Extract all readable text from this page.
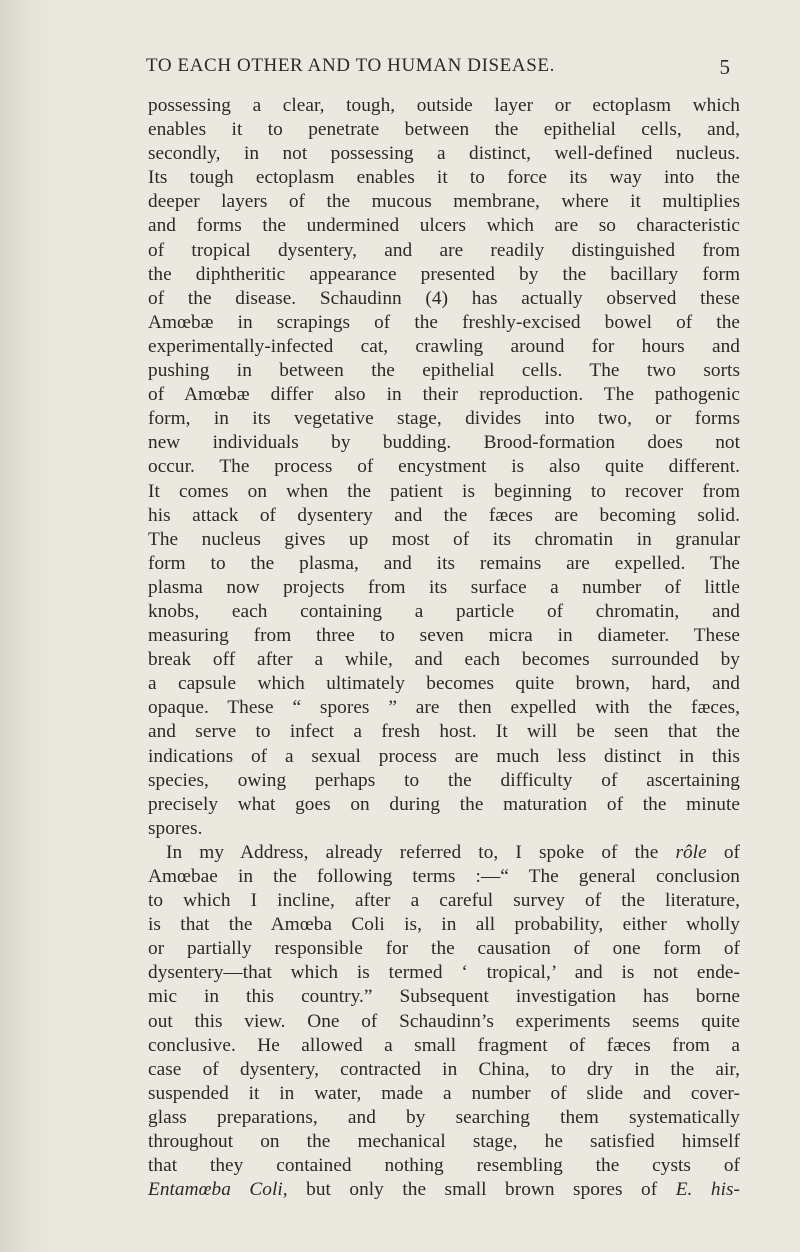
TO EACH OTHER AND TO HUMAN DISEASE.	5
possessing a clear, tough, outside layer or ectoplasm which
enables it to penetrate between the epithelial cells, and,
secondly, in not possessing a distinct, well-defined nucleus.
Its tough ectoplasm enables it to force its way into the
deeper layers of the mucous membrane, where it multiplies
and forms the undermined ulcers which are so characteristic
of tropical dysentery, and are readily distinguished from
the diphtheritic appearance presented by the bacillary form
of the disease. Schaudinn (4) has actually observed these
Amœbæ in scrapings of the freshly-excised bowel of the
experimentally-infected cat, crawling around for hours and
pushing in between the epithelial cells. The two sorts
of Amœbæ differ also in their reproduction. The pathogenic
form, in its vegetative stage, divides into two, or forms
new individuals by budding. Brood-formation does not
occur. The process of encystment is also quite different.
It comes on when the patient is beginning to recover from
his attack of dysentery and the fæces are becoming solid.
The nucleus gives up most of its chromatin in granular
form to the plasma, and its remains are expelled. The
plasma now projects from its surface a number of little
knobs, each containing a particle of chromatin, and
measuring from three to seven micra in diameter. These
break off after a while, and each becomes surrounded by
a capsule which ultimately becomes quite brown, hard, and
opaque. These “ spores ” are then expelled with the fæces,
and serve to infect a fresh host. It will be seen that the
indications of a sexual process are much less distinct in this
species, owing perhaps to the difficulty of ascertaining
precisely what goes on during the maturation of the minute
spores.
In my Address, already referred to, I spoke of the rôle of
Amœbae in the following terms :—“ The general conclusion
to which I incline, after a careful survey of the literature,
is that the Amœba Coli is, in all probability, either wholly
or partially responsible for the causation of one form of
dysentery—that which is termed ‘ tropical,’ and is not ende-
mic in this country.” Subsequent investigation has borne
out this view. One of Schaudinn’s experiments seems quite
conclusive. He allowed a small fragment of fæces from a
case of dysentery, contracted in China, to dry in the air,
suspended it in water, made a number of slide and cover-
glass preparations, and by searching them systematically
throughout on the mechanical stage, he satisfied himself
that they contained nothing resembling the cysts of
Entamœba Coli, but only the small brown spores of E. his-
